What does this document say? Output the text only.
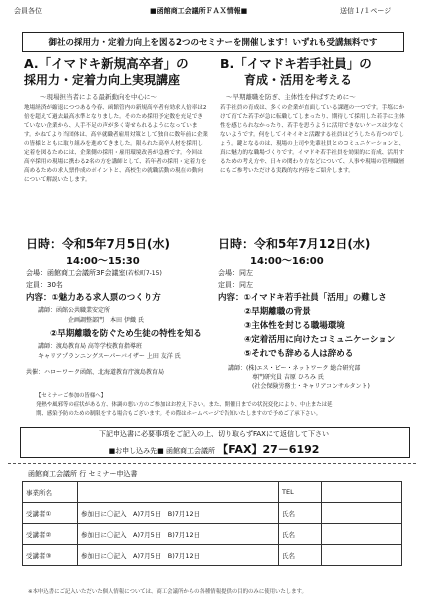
会員各位	■函館商工会議所ＦＡＸ情報■	送信１/１ページ
御社の採用力・定着力向上を図る2つのセミナーを開催します！いずれも受講無料です
A.「イマドキ新規高卒者」の
採用力・定着力向上実現講座
～現場担当者による最新動向を中心に～
地場経済が縮退につつある今春、函館管内の新規高卒者有効求人倍率は2倍を超えて過去最高水準となりました。そのため採用予定数を充足できていない企業から、人手不足の声が多く寄せられるようになっています。かねてより当団体は、高卒就職者雇用対策として独自に数年前に企業の皆様とともに取り組みを進めてきました。限られた高卒人材を採用し定着を図るためには、企業側の採用・雇用環境改善が急務です。今回は高卒採用の現場に携わる2名の方を講師として、若年者の採用・定着力を高めるための求人票作成のポイントと、高校生の就職活動の現在の動向について解説いたします。
日時：令和5年7月5日(水)
14:00～15:30
会場：函館商工会議所3F会議室(若松町7-15)
定員：30名
内容：①魅力ある求人票のつくり方
講師：函館公共職業安定所
企画調整部門　 本田 伊織 氏
②早期離職を防ぐため生徒の特性を知る
講師：渡島教育局 高等学校教育指導班
キャリアプランニングスーパーバイザー 上田 友洋 氏
共催：ハローワーク函館、北海道教育庁渡島教育局
B.「イマドキ若手社員」の
育成・活用を考える
～早期離職を防ぎ、主体性を伸ばすために～
若手社員の育成は、多くの企業が直面している課題の一つです。手塩にかけて育てた若手が急に転職してしまったり、期待して採用した若手に主体性を感じられなかったり、若手を思うように活用できないケースは少なくないようです。何をしてイキイキと活躍する社員はどうしたら育つのでしょう。鍵となるのは、現場の上司や先輩社員とのコミュニケーションと、真に魅力的な職場づくりです。イマドキ若手社員を効果的に育成、活用するための考え方や、日々の関わり方などについて、人事や現場の管理職層にもご参考いただける実践的な内容をご紹介します。
日時：令和5年7月12日(水)
14:00～16:00
会場：同左
定員：同左
内容：①イマドキ若手社員「活用」の難しさ
②早期離職の背景
③主体性を封じる職場環境
④定着活用に向けたコミュニケーション
⑤それでも辞める人は辞める
講師：(株)エス・ピー・ネットワーク 総合研究部
専門研究員 吉原 ひろみ 氏
(社会保険労務士・キャリアコンサルタント)
【セミナーご参加の皆様へ】
発熱や風邪等の症状がある方、体調の悪い方のご参加はお控え下さい。また、開催日までの状況変化により、中止または延
期、感染予防のための制限をする場合もございます。その際はホームページで告知いたしますので予めご了承下さい。
下記申込書に必要事項をご記入の上、切り取らずFAXにて返信して下さい
■お申し込み先■ 函館商工会議所 【FAX】27－6192
函館商工会議所 行 セミナー申込書
事業所名		TEL	
受講者①	参加日に〇記入　A)7月5日　B)7月12日	氏名	
受講者②	参加日に〇記入　A)7月5日　B)7月12日	氏名	
受講者③	参加日に〇記入　A)7月5日　B)7月12日	氏名	
※本申込書にご記入いただいた個人情報については、商工会議所からの各種情報提供の目的のみに使用いたします。
